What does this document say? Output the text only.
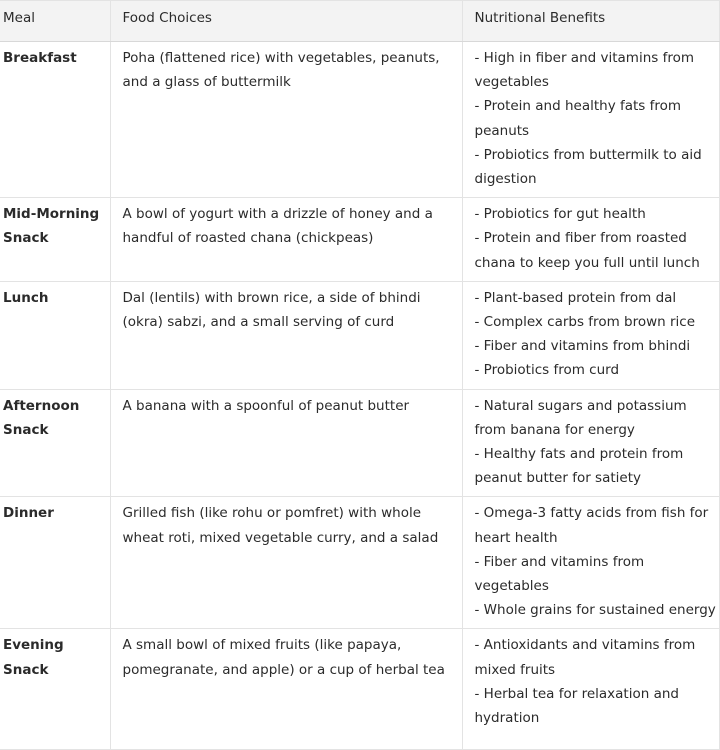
Meal	Food Choices	Nutritional Benefits
Breakfast	Poha (flattened rice) with vegetables, peanuts, and a glass of buttermilk	- High in fiber and vitamins from vegetables
- Protein and healthy fats from peanuts
- Probiotics from buttermilk to aid digestion

Mid-Morning Snack	A bowl of yogurt with a drizzle of honey and a handful of roasted chana (chickpeas)	- Probiotics for gut health
- Protein and fiber from roasted chana to keep you full until lunch

Lunch	Dal (lentils) with brown rice, a side of bhindi (okra) sabzi, and a small serving of curd	- Plant-based protein from dal
- Complex carbs from brown rice
- Fiber and vitamins from bhindi
- Probiotics from curd

Afternoon Snack	A banana with a spoonful of peanut butter	- Natural sugars and potassium from banana for energy
- Healthy fats and protein from peanut butter for satiety

Dinner	Grilled fish (like rohu or pomfret) with whole wheat roti, mixed vegetable curry, and a salad	- Omega-3 fatty acids from fish for heart health
- Fiber and vitamins from vegetables
- Whole grains for sustained energy

Evening Snack	A small bowl of mixed fruits (like papaya, pomegranate, and apple) or a cup of herbal tea	- Antioxidants and vitamins from mixed fruits
- Herbal tea for relaxation and hydration
